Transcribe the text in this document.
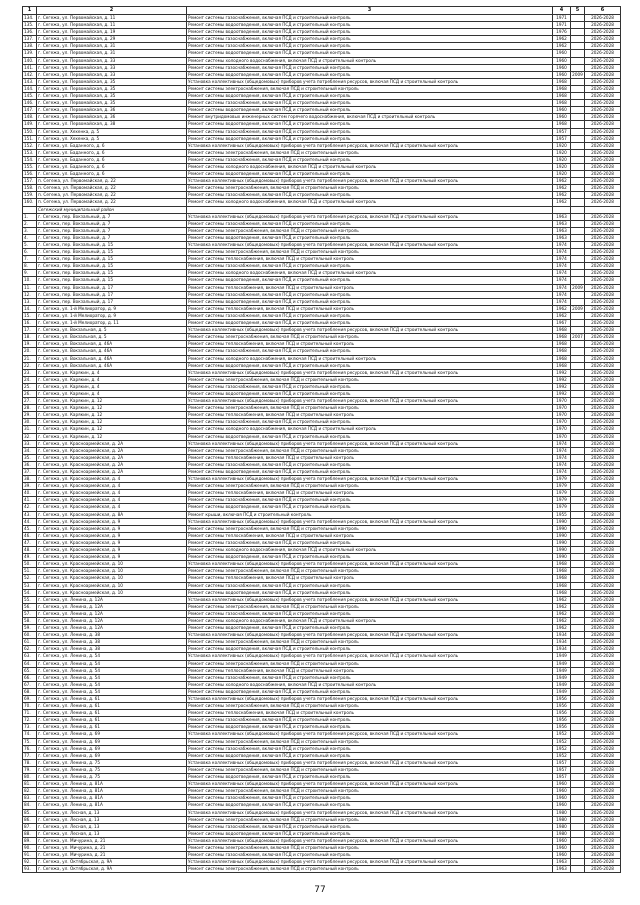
1	2	3	4	5	6
134.	г. Сегежа, ул. Первомайская, д. 11	Ремонт системы газоснабжения, включая ПСД и строительный контроль	1971		2026-2028
135.	г. Сегежа, ул. Первомайская, д. 11	Ремонт системы водоотведения, включая ПСД и строительный контроль	1971		2026-2028
136.	г. Сегежа, ул. Первомайская, д. 19	Ремонт системы водоотведения, включая ПСД и строительный контроль	1976		2026-2028
137.	г. Сегежа, ул. Первомайская, д. 29	Ремонт системы газоснабжения, включая ПСД и строительный контроль	1962		2026-2028
138.	г. Сегежа, ул. Первомайская, д. 31	Ремонт системы газоснабжения, включая ПСД и строительный контроль	1962		2026-2028
139.	г. Сегежа, ул. Первомайская, д. 31	Ремонт системы водоотведения, включая ПСД и строительный контроль	1960		2026-2028
140.	г. Сегежа, ул. Первомайская, д. 33	Ремонт системы холодного водоснабжения, включая ПСД и строительный контроль	1960		2026-2028
141.	г. Сегежа, ул. Первомайская, д. 33	Ремонт системы газоснабжения, включая ПСД и строительный контроль	1960		2026-2028
142.	г. Сегежа, ул. Первомайская, д. 33	Ремонт системы водоотведения, включая ПСД и строительный контроль	1960	2009	2026-2028
143.	г. Сегежа, ул. Первомайская, д. 35	Установка коллективных (общедомовых) приборов учета потребления ресурсов, включая ПСД и строительный контроль	1968		2026-2028
144.	г. Сегежа, ул. Первомайская, д. 35	Ремонт системы электроснабжения, включая ПСД и строительный контроль	1968		2026-2028
145.	г. Сегежа, ул. Первомайская, д. 35	Ремонт системы водоотведения, включая ПСД и строительный контроль	1968		2026-2028
146.	г. Сегежа, ул. Первомайская, д. 35	Ремонт системы газоснабжения, включая ПСД и строительный контроль	1968		2026-2028
147.	г. Сегежа, ул. Первомайская, д. 36	Ремонт системы водоотведения, включая ПСД и строительный контроль	1960		2026-2028
148.	г. Сегежа, ул. Первомайская, д. 36	Ремонт внутридомовых инженерных систем горячего водоснабжения, включая ПСД и строительный контроль	1960		2026-2028
149.	г. Сегежа, ул. Первомайская, д. 38	Ремонт системы водоотведения, включая ПСД и строительный контроль	1968		2026-2028
150.	г. Сегежа, ул. Хехенка, д. 5	Ремонт системы газоснабжения, включая ПСД и строительный контроль	1957		2026-2028
151.	г. Сегежа, ул. Хехенка, д. 5	Ремонт системы водоотведения, включая ПСД и строительный контроль	1957		2026-2028
152.	г. Сегежа, ул. Баданного, д. 6	Установка коллективных (общедомовых) приборов учета потребления ресурсов, включая ПСД и строительный контроль	1920		2026-2028
153.	г. Сегежа, ул. Баданного, д. 6	Ремонт системы электроснабжения, включая ПСД и строительный контроль	1920		2026-2028
154.	г. Сегежа, ул. Баданного, д. 6	Ремонт системы газоснабжения, включая ПСД и строительный контроль	1920		2026-2028
155.	г. Сегежа, ул. Баданного, д. 6	Ремонт системы холодного водоснабжения, включая ПСД и строительный контроль	1920		2026-2028
156.	г. Сегежа, ул. Баданного, д. 6	Ремонт системы водоотведения, включая ПСД и строительный контроль	1920		2026-2028
157.	п. Сегежа, ул. Первомайская, д. 22	Установка коллективных (общедомовых) приборов учета потребления ресурсов, включая ПСД и строительный контроль	1962		2026-2028
158.	п. Сегежа, ул. Первомайская, д. 22	Ремонт системы электроснабжения, включая ПСД и строительный контроль	1962		2026-2028
159.	п. Сегежа, ул. Первомайская, д. 22	Ремонт системы газоснабжения, включая ПСД и строительный контроль	1962		2026-2028
160.	п. Сегежа, ул. Первомайская, д. 22	Ремонт системы холодного водоснабжения, включая ПСД и строительный контроль	1962		2026-2028
	Сегежский муниципальный район				
1.	г. Сегежа, пер. Вокзальный, д. 7	Установка коллективных (общедомовых) приборов учета потребления ресурсов, включая ПСД и строительный контроль	1963		2026-2028
2.	г. Сегежа, пер. Вокзальный, д. 7	Ремонт системы газоснабжения, включая ПСД и строительный контроль	1963		2026-2028
3.	г. Сегежа, пер. Вокзальный, д. 7	Ремонт системы электроснабжения, включая ПСД и строительный контроль	1963		2026-2028
4.	г. Сегежа, пер. Вокзальный, д. 7	Ремонт системы водоотведения, включая ПСД и строительный контроль	1963		2026-2028
5.	г. Сегежа, пер. Вокзальный, д. 15	Установка коллективных (общедомовых) приборов учета потребления ресурсов, включая ПСД и строительный контроль	1974		2026-2028
6.	г. Сегежа, пер. Вокзальный, д. 15	Ремонт системы электроснабжения, включая ПСД и строительный контроль	1974		2026-2028
7.	г. Сегежа, пер. Вокзальный, д. 15	Ремонт системы теплоснабжения, включая ПСД и строительный контроль	1974		2026-2028
8.	г. Сегежа, пер. Вокзальный, д. 15	Ремонт системы газоснабжения, включая ПСД и строительный контроль	1974		2026-2028
9.	г. Сегежа, пер. Вокзальный, д. 15	Ремонт системы холодного водоснабжения, включая ПСД и строительный контроль	1974		2026-2028
10.	г. Сегежа, пер. Вокзальный, д. 15	Ремонт системы водоотведения, включая ПСД и строительный контроль	1974		2026-2028
11.	г. Сегежа, пер. Вокзальный, д. 17	Ремонт системы теплоснабжения, включая ПСД и строительный контроль	1974	2009	2026-2028
12.	г. Сегежа, пер. Вокзальный, д. 17	Ремонт системы газоснабжения, включая ПСД и строительный контроль	1974		2026-2028
13.	г. Сегежа, пер. Вокзальный, д. 17	Ремонт системы водоотведения, включая ПСД и строительный контроль	1974		2026-2028
14.	г. Сегежа, ул. 1-й Мелиоратор, д. 9	Ремонт системы теплоснабжения, включая ПСД и строительный контроль	1962	2009	2026-2028
15.	г. Сегежа, ул. 1-й Мелиоратор, д. 9	Ремонт системы газоснабжения, включая ПСД и строительный контроль	1962		2026-2028
16.	г. Сегежа, ул. 1-й Мелиоратор, д. 11	Ремонт системы водоотведения, включая ПСД и строительный контроль	1967		2026-2028
17.	г. Сегежа, ул. Вокзальная, д. 5	Установка коллективных (общедомовых) приборов учета потребления ресурсов, включая ПСД и строительный контроль	1968		2026-2028
18.	г. Сегежа, ул. Вокзальная, д. 5	Ремонт системы электроснабжения, включая ПСД и строительный контроль	1968	2007	2026-2028
19.	г. Сегежа, ул. Вокзальная, д. 46А	Ремонт системы теплоснабжения, включая ПСД и строительный контроль	1968		2026-2028
20.	г. Сегежа, ул. Вокзальная, д. 46А	Ремонт системы газоснабжения, включая ПСД и строительный контроль	1968		2026-2028
21.	г. Сегежа, ул. Вокзальная, д. 46А	Ремонт системы холодного водоснабжения, включая ПСД и строительный контроль	1968		2026-2028
22.	г. Сегежа, ул. Вокзальная, д. 46А	Ремонт системы водоотведения, включая ПСД и строительный контроль	1968		2026-2028
23.	г. Сегежа, ул. Карякин, д. 4	Установка коллективных (общедомовых) приборов учета потребления ресурсов, включая ПСД и строительный контроль	1992		2026-2028
24.	г. Сегежа, ул. Карякин, д. 4	Ремонт системы электроснабжения, включая ПСД и строительный контроль	1992		2026-2028
25.	г. Сегежа, ул. Карякин, д. 4	Ремонт системы газоснабжения, включая ПСД и строительный контроль	1992		2026-2028
26.	г. Сегежа, ул. Карякин, д. 4	Ремонт системы водоотведения, включая ПСД и строительный контроль	1992		2026-2028
27.	г. Сегежа, ул. Карякин, д. 12	Установка коллективных (общедомовых) приборов учета потребления ресурсов, включая ПСД и строительный контроль	1970		2026-2028
28.	г. Сегежа, ул. Карякин, д. 12	Ремонт системы электроснабжения, включая ПСД и строительный контроль	1970		2026-2028
29.	г. Сегежа, ул. Карякин, д. 12	Ремонт системы теплоснабжения, включая ПСД и строительный контроль	1970		2026-2028
30.	г. Сегежа, ул. Карякин, д. 12	Ремонт системы газоснабжения, включая ПСД и строительный контроль	1970		2026-2028
31.	г. Сегежа, ул. Карякин, д. 12	Ремонт системы холодного водоснабжения, включая ПСД и строительный контроль	1970		2026-2028
32.	г. Сегежа, ул. Карякин, д. 12	Ремонт системы водоотведения, включая ПСД и строительный контроль	1970		2026-2028
33.	г. Сегежа, ул. Красноармейская, д. 2А	Установка коллективных (общедомовых) приборов учета потребления ресурсов, включая ПСД и строительный контроль	1974		2026-2028
34.	г. Сегежа, ул. Красноармейская, д. 2А	Ремонт системы электроснабжения, включая ПСД и строительный контроль	1974		2026-2028
35.	г. Сегежа, ул. Красноармейская, д. 2А	Ремонт системы теплоснабжения, включая ПСД и строительный контроль	1974		2026-2028
36.	г. Сегежа, ул. Красноармейская, д. 2А	Ремонт системы газоснабжения, включая ПСД и строительный контроль	1974		2026-2028
37.	г. Сегежа, ул. Красноармейская, д. 2А	Ремонт системы водоотведения, включая ПСД и строительный контроль	1974		2026-2028
38.	г. Сегежа, ул. Красноармейская, д. 4	Установка коллективных (общедомовых) приборов учета потребления ресурсов, включая ПСД и строительный контроль	1979		2026-2028
39.	г. Сегежа, ул. Красноармейская, д. 4	Ремонт системы электроснабжения, включая ПСД и строительный контроль	1979		2026-2028
40.	г. Сегежа, ул. Красноармейская, д. 4	Ремонт системы теплоснабжения, включая ПСД и строительный контроль	1979		2026-2028
41.	г. Сегежа, ул. Красноармейская, д. 4	Ремонт системы газоснабжения, включая ПСД и строительный контроль	1979		2026-2028
42.	г. Сегежа, ул. Красноармейская, д. 4	Ремонт системы водоотведения, включая ПСД и строительный контроль	1979		2026-2028
43.	г. Сегежа, ул. Красноармейская, д. 8А	Ремонт крыши, включая ПСД и строительный контроль	1955		2026-2028
44.	г. Сегежа, ул. Красноармейская, д. 9	Установка коллективных (общедомовых) приборов учета потребления ресурсов, включая ПСД и строительный контроль	1990		2026-2028
45.	г. Сегежа, ул. Красноармейская, д. 9	Ремонт системы электроснабжения, включая ПСД и строительный контроль	1990		2026-2028
46.	г. Сегежа, ул. Красноармейская, д. 9	Ремонт системы теплоснабжения, включая ПСД и строительный контроль	1990		2026-2028
47.	г. Сегежа, ул. Красноармейская, д. 9	Ремонт системы газоснабжения, включая ПСД и строительный контроль	1990		2026-2028
48.	г. Сегежа, ул. Красноармейская, д. 9	Ремонт системы холодного водоснабжения, включая ПСД и строительный контроль	1990		2026-2028
49.	г. Сегежа, ул. Красноармейская, д. 9	Ремонт системы водоотведения, включая ПСД и строительный контроль	1990		2026-2028
50.	г. Сегежа, ул. Красноармейская, д. 10	Установка коллективных (общедомовых) приборов учета потребления ресурсов, включая ПСД и строительный контроль	1968		2026-2028
51.	г. Сегежа, ул. Красноармейская, д. 10	Ремонт системы электроснабжения, включая ПСД и строительный контроль	1968		2026-2028
52.	г. Сегежа, ул. Красноармейская, д. 10	Ремонт системы теплоснабжения, включая ПСД и строительный контроль	1968		2026-2028
53.	г. Сегежа, ул. Красноармейская, д. 10	Ремонт системы газоснабжения, включая ПСД и строительный контроль	1968		2026-2028
54.	г. Сегежа, ул. Красноармейская, д. 10	Ремонт системы водоотведения, включая ПСД и строительный контроль	1968		2026-2028
55.	г. Сегежа, ул. Ленина, д. 12А	Установка коллективных (общедомовых) приборов учета потребления ресурсов, включая ПСД и строительный контроль	1962		2026-2028
56.	г. Сегежа, ул. Ленина, д. 12А	Ремонт системы электроснабжения, включая ПСД и строительный контроль	1962		2026-2028
57.	г. Сегежа, ул. Ленина, д. 12А	Ремонт системы газоснабжения, включая ПСД и строительный контроль	1962		2026-2028
58.	г. Сегежа, ул. Ленина, д. 12А	Ремонт системы холодного водоснабжения, включая ПСД и строительный контроль	1962		2026-2028
59.	г. Сегежа, ул. Ленина, д. 12А	Ремонт системы водоотведения, включая ПСД и строительный контроль	1962		2026-2028
60.	г. Сегежа, ул. Ленина, д. 38	Установка коллективных (общедомовых) приборов учета потребления ресурсов, включая ПСД и строительный контроль	1934		2026-2028
61.	г. Сегежа, ул. Ленина, д. 38	Ремонт системы электроснабжения, включая ПСД и строительный контроль	1934		2026-2028
62.	г. Сегежа, ул. Ленина, д. 38	Ремонт системы водоотведения, включая ПСД и строительный контроль	1934		2026-2028
63.	г. Сегежа, ул. Ленина, д. 54	Установка коллективных (общедомовых) приборов учета потребления ресурсов, включая ПСД и строительный контроль	1949		2026-2028
64.	г. Сегежа, ул. Ленина, д. 54	Ремонт системы электроснабжения, включая ПСД и строительный контроль	1949		2026-2028
65.	г. Сегежа, ул. Ленина, д. 54	Ремонт системы теплоснабжения, включая ПСД и строительный контроль	1949		2026-2028
66.	г. Сегежа, ул. Ленина, д. 54	Ремонт системы газоснабжения, включая ПСД и строительный контроль	1949		2026-2028
67.	г. Сегежа, ул. Ленина, д. 54	Ремонт системы холодного водоснабжения, включая ПСД и строительный контроль	1949		2026-2028
68.	г. Сегежа, ул. Ленина, д. 54	Ремонт системы водоотведения, включая ПСД и строительный контроль	1949		2026-2028
69.	г. Сегежа, ул. Ленина, д. 61	Установка коллективных (общедомовых) приборов учета потребления ресурсов, включая ПСД и строительный контроль	1956		2026-2028
70.	г. Сегежа, ул. Ленина, д. 61	Ремонт системы электроснабжения, включая ПСД и строительный контроль	1956		2026-2028
71.	г. Сегежа, ул. Ленина, д. 61	Ремонт системы теплоснабжения, включая ПСД и строительный контроль	1956		2026-2028
72.	г. Сегежа, ул. Ленина, д. 61	Ремонт системы газоснабжения, включая ПСД и строительный контроль	1956		2026-2028
73.	г. Сегежа, ул. Ленина, д. 61	Ремонт системы водоотведения, включая ПСД и строительный контроль	1956		2026-2028
74.	г. Сегежа, ул. Ленина, д. 69	Установка коллективных (общедомовых) приборов учета потребления ресурсов, включая ПСД и строительный контроль	1952		2026-2028
75.	г. Сегежа, ул. Ленина, д. 69	Ремонт системы электроснабжения, включая ПСД и строительный контроль	1952		2026-2028
76.	г. Сегежа, ул. Ленина, д. 69	Ремонт системы газоснабжения, включая ПСД и строительный контроль	1952		2026-2028
77.	г. Сегежа, ул. Ленина, д. 69	Ремонт системы водоотведения, включая ПСД и строительный контроль	1952		2026-2028
78.	г. Сегежа, ул. Ленина, д. 75	Установка коллективных (общедомовых) приборов учета потребления ресурсов, включая ПСД и строительный контроль	1957		2026-2028
79.	г. Сегежа, ул. Ленина, д. 75	Ремонт системы электроснабжения, включая ПСД и строительный контроль	1957		2026-2028
80.	г. Сегежа, ул. Ленина, д. 75	Ремонт системы водоотведения, включая ПСД и строительный контроль	1957		2026-2028
81.	г. Сегежа, ул. Ленина, д. 81А	Установка коллективных (общедомовых) приборов учета потребления ресурсов, включая ПСД и строительный контроль	1960		2026-2028
82.	г. Сегежа, ул. Ленина, д. 81А	Ремонт системы электроснабжения, включая ПСД и строительный контроль	1960		2026-2028
83.	г. Сегежа, ул. Ленина, д. 81А	Ремонт системы газоснабжения, включая ПСД и строительный контроль	1960		2026-2028
84.	г. Сегежа, ул. Ленина, д. 81А	Ремонт системы водоотведения, включая ПСД и строительный контроль	1960		2026-2028
85.	г. Сегежа, ул. Лесная, д. 13	Установка коллективных (общедомовых) приборов учета потребления ресурсов, включая ПСД и строительный контроль	1980		2026-2028
86.	г. Сегежа, ул. Лесная, д. 13	Ремонт системы электроснабжения, включая ПСД и строительный контроль	1980		2026-2028
87.	г. Сегежа, ул. Лесная, д. 13	Ремонт системы газоснабжения, включая ПСД и строительный контроль	1980		2026-2028
88.	г. Сегежа, ул. Лесная, д. 13	Ремонт системы водоотведения, включая ПСД и строительный контроль	1980		2026-2028
89.	г. Сегежа, ул. Мичурина, д. 21	Установка коллективных (общедомовых) приборов учета потребления ресурсов, включая ПСД и строительный контроль	1960		2026-2028
90.	г. Сегежа, ул. Мичурина, д. 21	Ремонт системы электроснабжения, включая ПСД и строительный контроль	1960		2026-2028
91.	г. Сегежа, ул. Мичурина, д. 21	Ремонт системы газоснабжения, включая ПСД и строительный контроль	1960		2026-2028
92.	г. Сегежа, ул. Октябрьская, д. 9А	Установка коллективных (общедомовых) приборов учета потребления ресурсов, включая ПСД и строительный контроль	1963		2026-2028
93.	г. Сегежа, ул. Октябрьская, д. 9А	Ремонт системы электроснабжения, включая ПСД и строительный контроль	1963		2026-2028
77
